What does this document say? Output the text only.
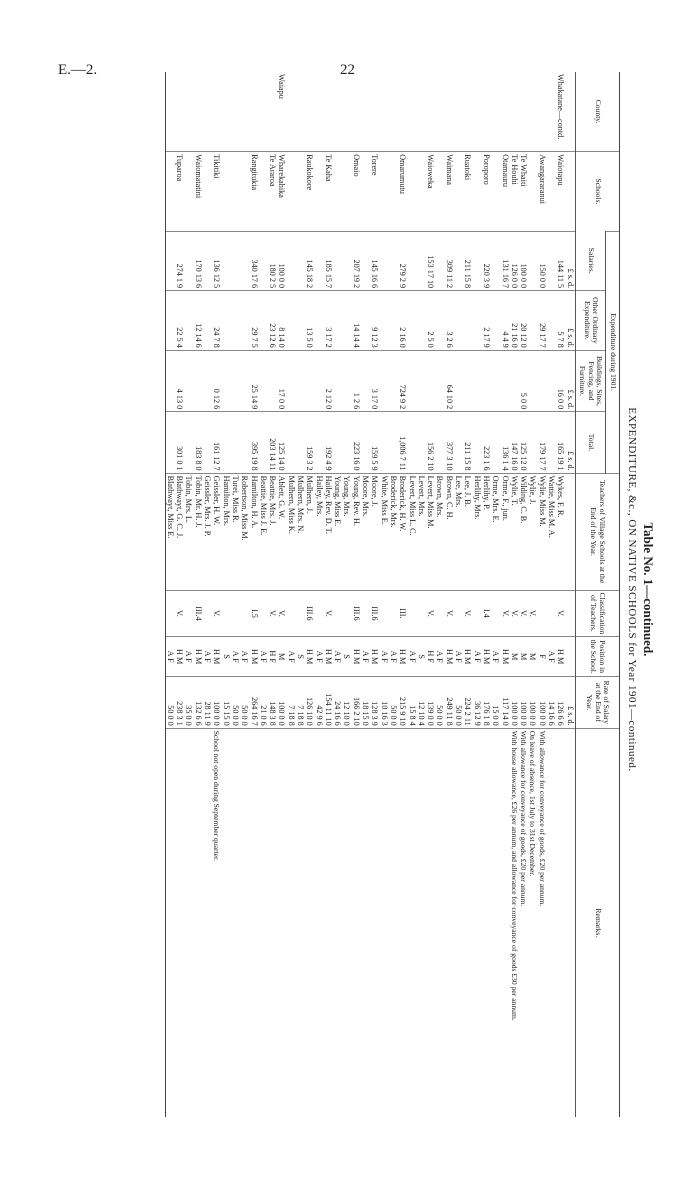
E.—2.	22
Table No. 1—continued.
EXPENDITURE, &c., ON NATIVE SCHOOLS for Year 1901—continued.
County.	Schools.	Expenditure during 1901.				Teachers of Village Schools at the End of the Year.	Classification of Teachers.	Position in the School.	Rate of Salary at the End of Year.	Remarks.
		Salaries.	Other Ordinary Expenditure.	Buildings, Sites, Fencing, and Furniture.	Total.					
		£ s. d.	£ s. d.	£ s. d.	£ s. d.				£ s. d.	
Whakatane—contd.	Waiotapu	144 11 5	5 7 8	16 0 0	165 19 1	Wykes, F. R.	V.	H M	126 6 6	
						Wattie, Miss M. A.		A F	14 16 6	
	Awangararanui	150 0 0	29 17 7		179 17 7	Wylie, Miss M.		F	100 0 0	With allowance for conveyance of goods, £20 per annum.
						Wylie, J.	V.	M	100 0 0	On leave of absence, 1st July to 31st December.
	Te Whaiti	100 0 0	20 12 0	5 0 0	125 12 0	Wilding, C. B.	V.	M	100 0 0	With allowance for conveyance of goods, £20 per annum.
	Te Houhi	126 0 0	21 16 0		147 16 0	Wylie, T.	V.	M	100 0 0	With house allowance, £26 per annum, and allowance for conveyance of goods £30 per annum.
	Otamauru	131 16 7	4 4 9		136 1 4	Orme, F., jun.	V.	H M	117 14 0	
						Orme, Mrs. E.		A F	15 0 0	
	Poroporo	220 3 9	2 17 9		223 1 6	Herlihy, P.	I.4	H M	176 1 8	
						Herlihy, Mrs.		A F	36 12 9	
	Ruatoki	211 15 8			211 15 8	Lee, J. B.	V.	H M	224 2 11	
						Lee, Mrs.		A F	50 0 0	
	Waimana	309 11 2	3 2 6	64 10 2	377 3 10	Brown, C. H.	V.	H M	249 11 8	
						Brown, Mrs.		A F	50 0 0	
	Waioweka	153 17 10	2 5 0		156 2 10	Levert, Miss M.	V.	H F	139 0 0	
						Levert, Mrs.		S	12 10 4	
						Levert, Miss L. C.		A F	15 8 4	
	Omarumutu	279 2 9	2 16 0	724 9 2	1,006 7 11	Broderick, H. W.	III.	H M	215 9 10	
						Broderick, Mrs.		A F	50 0 0	
						White, Miss E.		A F	10 16 3	
	Torere	145 16 6	9 12 3	3 17 0	159 5 9	Moore, J.	III.6	H M	128 3 9	
						Moore, Mrs.		A F	18 15 0	
	Omaio	207 19 2	14 14 4	1 2 6	223 16 0	Young, Rev. H.	III.6	H M	166 2 10	
						Young, Mrs.		S	12 10 0	
						Young, Miss E.		A F	24 16 6	
	Te Kaha	185 15 7	3 17 2	2 12 0	192 4 9	Hailey, Rev. D. T.	V.	H M	154 11 10	
						Hailey, Mrs.		A F	42 9 6	
	Raukokore	145 18 2	13 5 0		159 3 2	Mulhern, J.	III.6	H M	126 10 0	
						Mulhern, Mrs. N.		S	7 18 8	
						Mulhern, Miss K.		A F	7 18 8	
Waiapu	Wharekahika	100 0 0	8 14 0	17 0 0	125 14 0	Ablett, G. W.	V.	M	100 0 0	
	Te Araroa	180 2 5	23 12 6		203 14 11	Beattie, Mrs. J.	V.	H F	148 3 8	
						Beattie, Miss J. E.		A F	21 0 6	
	Rangitukia	340 17 6	29 7 5	25 14 9	395 19 8	Hamilton, H. A.	I.5	H M	264 16 7	
						Robertson, Miss M.		A F	50 0 0	
						Turei, Miss R.		A F	50 0 0	
						Hamilton, Mrs.		S	15 15 0	
	Tikitiki	136 12 5	24 7 8	0 12 6	161 12 7	Geissler, H. W.	V.	H M	100 0 0	School not open during September quarter.
						Geissler, Mrs. J. P.		A F	28 11 9	
	Waiomatatini	170 13 6	12 14 6		183 8 0	Tobin, Mr. H. J.	III.4	H M	132 6 6	
						Tobin, Mrs. L.		A F	35 0 0	
	Tuparoa	274 1 9	22 5 4	4 13 0	301 0 1	Blathwayt, G. C. J.	V.	H M	238 3 1	
						Blathwayt, Miss E.		A F	50 0 0	
